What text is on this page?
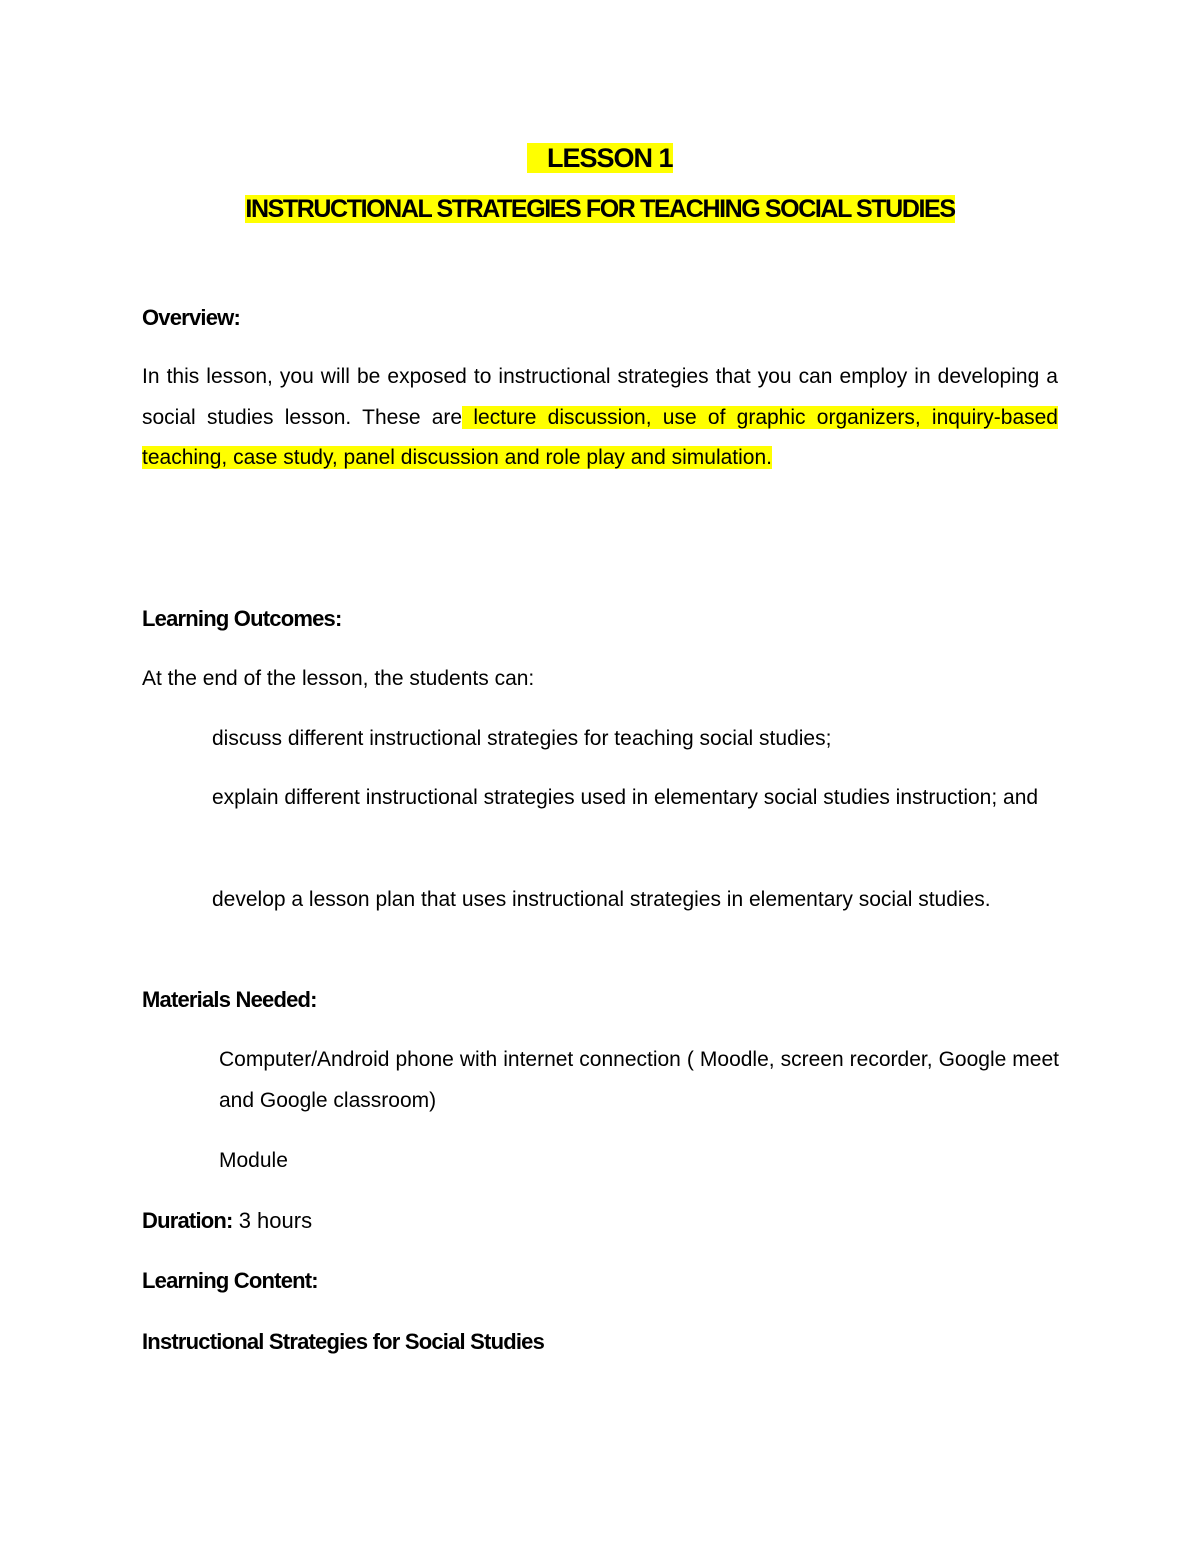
LESSON 1
INSTRUCTIONAL STRATEGIES FOR TEACHING SOCIAL STUDIES
Overview:
In this lesson, you will be exposed to instructional strategies that you can employ in developing a social studies lesson. These are lecture discussion, use of graphic organizers, inquiry-based teaching, case study, panel discussion and role play and simulation.
Learning Outcomes:
At the end of the lesson, the students can:
discuss different instructional strategies for teaching social studies;
explain different instructional strategies used in elementary social studies instruction; and
develop a lesson plan that uses instructional strategies in elementary social studies.
Materials Needed:
Computer/Android phone with internet connection ( Moodle, screen recorder, Google meet and Google classroom)
Module
Duration: 3 hours
Learning Content:
Instructional Strategies for Social Studies
